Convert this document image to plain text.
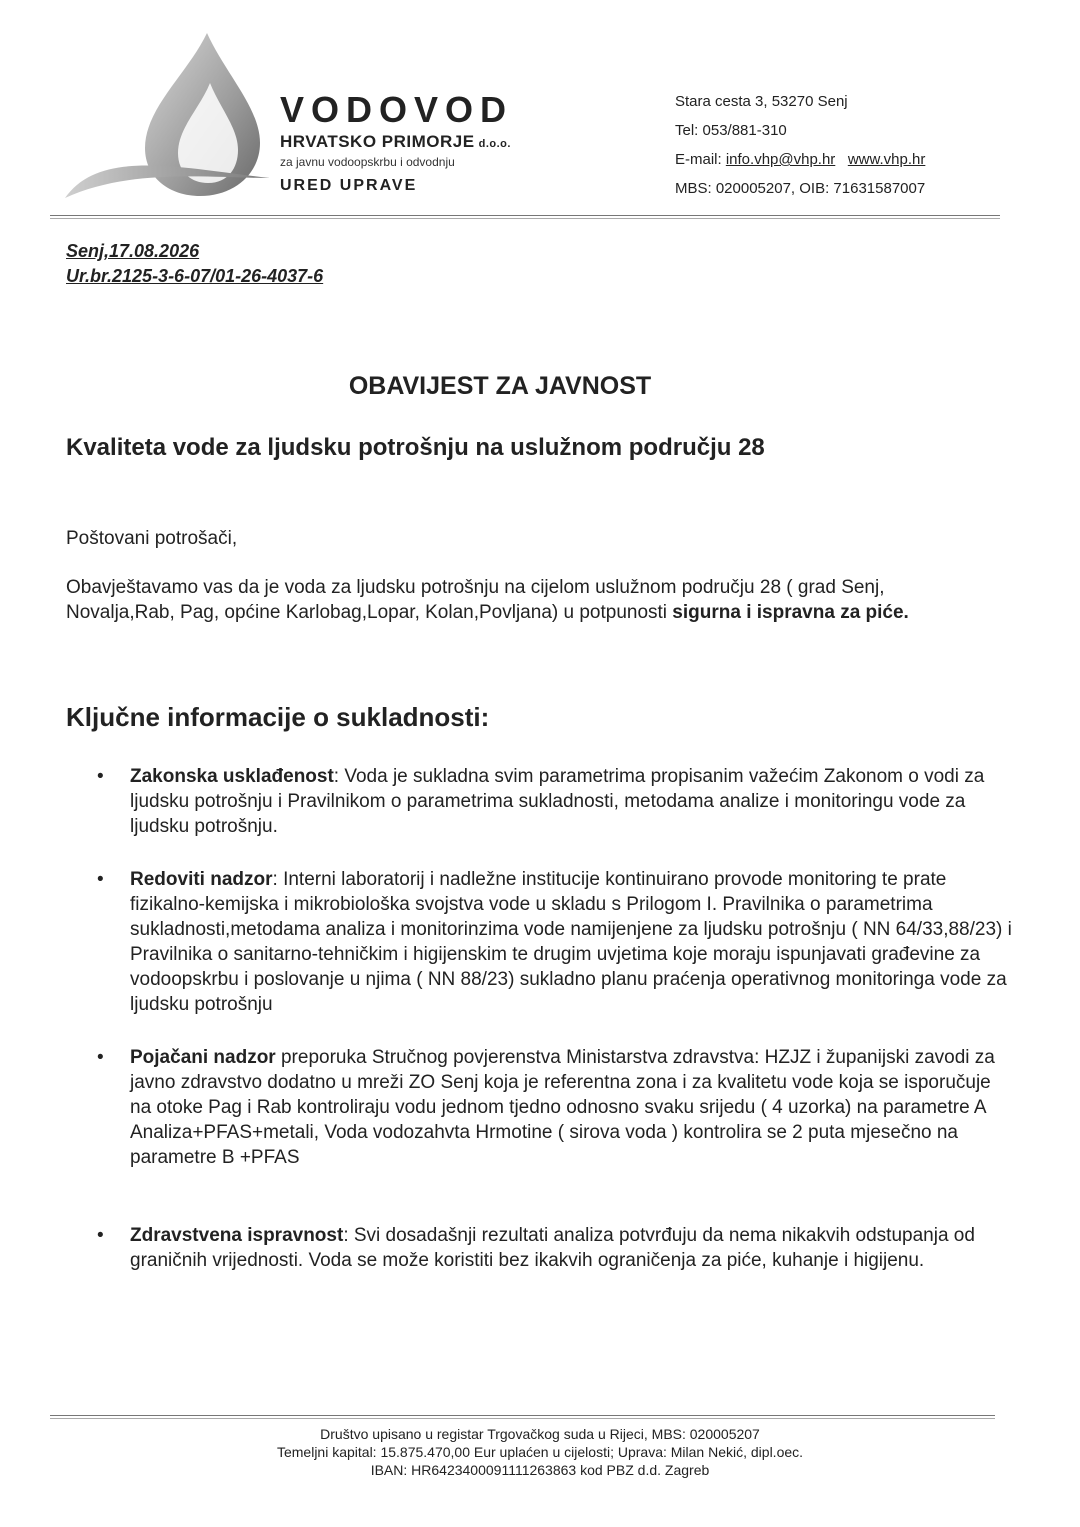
VODOVOD
HRVATSKO PRIMORJE d.o.o.
za javnu vodoopskrbu i odvodnju
URED UPRAVE
Stara cesta 3, 53270 Senj
Tel: 053/881-310
E-mail: info.vhp@vhp.hr www.vhp.hr
MBS: 020005207, OIB: 71631587007
Senj,17.08.2026
Ur.br.2125-3-6-07/01-26-4037-6
OBAVIJEST ZA JAVNOST
Kvaliteta vode za ljudsku potrošnju na uslužnom području 28
Poštovani potrošači,
Obavještavamo vas da je voda za ljudsku potrošnju na cijelom uslužnom području 28 ( grad Senj, Novalja,Rab, Pag, općine Karlobag,Lopar, Kolan,Povljana) u potpunosti sigurna i ispravna za piće.
Ključne informacije o sukladnosti:
• Zakonska usklađenost: Voda je sukladna svim parametrima propisanim važećim Zakonom o vodi za ljudsku potrošnju i Pravilnikom o parametrima sukladnosti, metodama analize i monitoringu vode za ljudsku potrošnju.
• Redoviti nadzor: Interni laboratorij i nadležne institucije kontinuirano provode monitoring te prate fizikalno-kemijska i mikrobiološka svojstva vode u skladu s Prilogom I. Pravilnika o parametrima sukladnosti,metodama analiza i monitorinzima vode namijenjene za ljudsku potrošnju ( NN 64/33,88/23) i Pravilnika o sanitarno-tehničkim i higijenskim te drugim uvjetima koje moraju ispunjavati građevine za vodoopskrbu i poslovanje u njima ( NN 88/23) sukladno planu praćenja operativnog monitoringa vode za ljudsku potrošnju
• Pojačani nadzor preporuka Stručnog povjerenstva Ministarstva zdravstva: HZJZ i županijski zavodi za javno zdravstvo dodatno u mreži ZO Senj koja je referentna zona i za kvalitetu vode koja se isporučuje na otoke Pag i Rab kontroliraju vodu jednom tjedno odnosno svaku srijedu ( 4 uzorka) na parametre A Analiza+PFAS+metali, Voda vodozahvta Hrmotine ( sirova voda ) kontrolira se 2 puta mjesečno na parametre B +PFAS
• Zdravstvena ispravnost: Svi dosadašnji rezultati analiza potvrđuju da nema nikakvih odstupanja od graničnih vrijednosti. Voda se može koristiti bez ikakvih ograničenja za piće, kuhanje i higijenu.
Društvo upisano u registar Trgovačkog suda u Rijeci, MBS: 020005207
Temeljni kapital: 15.875.470,00 Eur uplaćen u cijelosti; Uprava: Milan Nekić, dipl.oec.
IBAN: HR6423400091111263863 kod PBZ d.d. Zagreb
